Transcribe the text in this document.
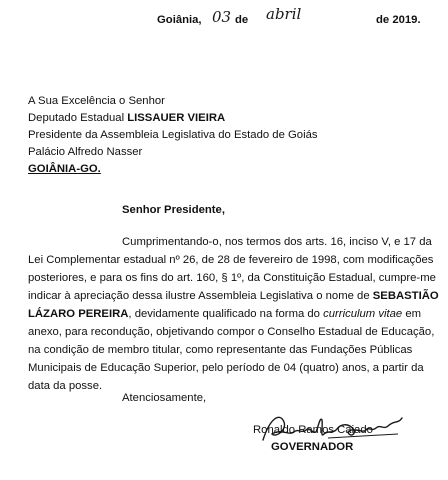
Goiânia, 03 de abril	de 2019.
A Sua Excelência o Senhor
Deputado Estadual LISSAUER VIEIRA
Presidente da Assembleia Legislativa do Estado de Goiás
Palácio Alfredo Nasser
GOIÂNIA-GO.
Senhor Presidente,
Cumprimentando-o, nos termos dos arts. 16, inciso V, e 17 da
Lei Complementar estadual nº 26, de 28 de fevereiro de 1998, com modificações
posteriores, e para os fins do art. 160, § 1º, da Constituição Estadual, cumpre-me
indicar à apreciação dessa ilustre Assembleia Legislativa o nome de SEBASTIÃO
LÁZARO PEREIRA, devidamente qualificado na forma do curriculum vitae em
anexo, para recondução, objetivando compor o Conselho Estadual de Educação,
na condição de membro titular, como representante das Fundações Públicas
Municipais de Educação Superior, pelo período de 04 (quatro) anos, a partir da
data da posse.
Atenciosamente,
Ronaldo Ramos Caiado
GOVERNADOR
